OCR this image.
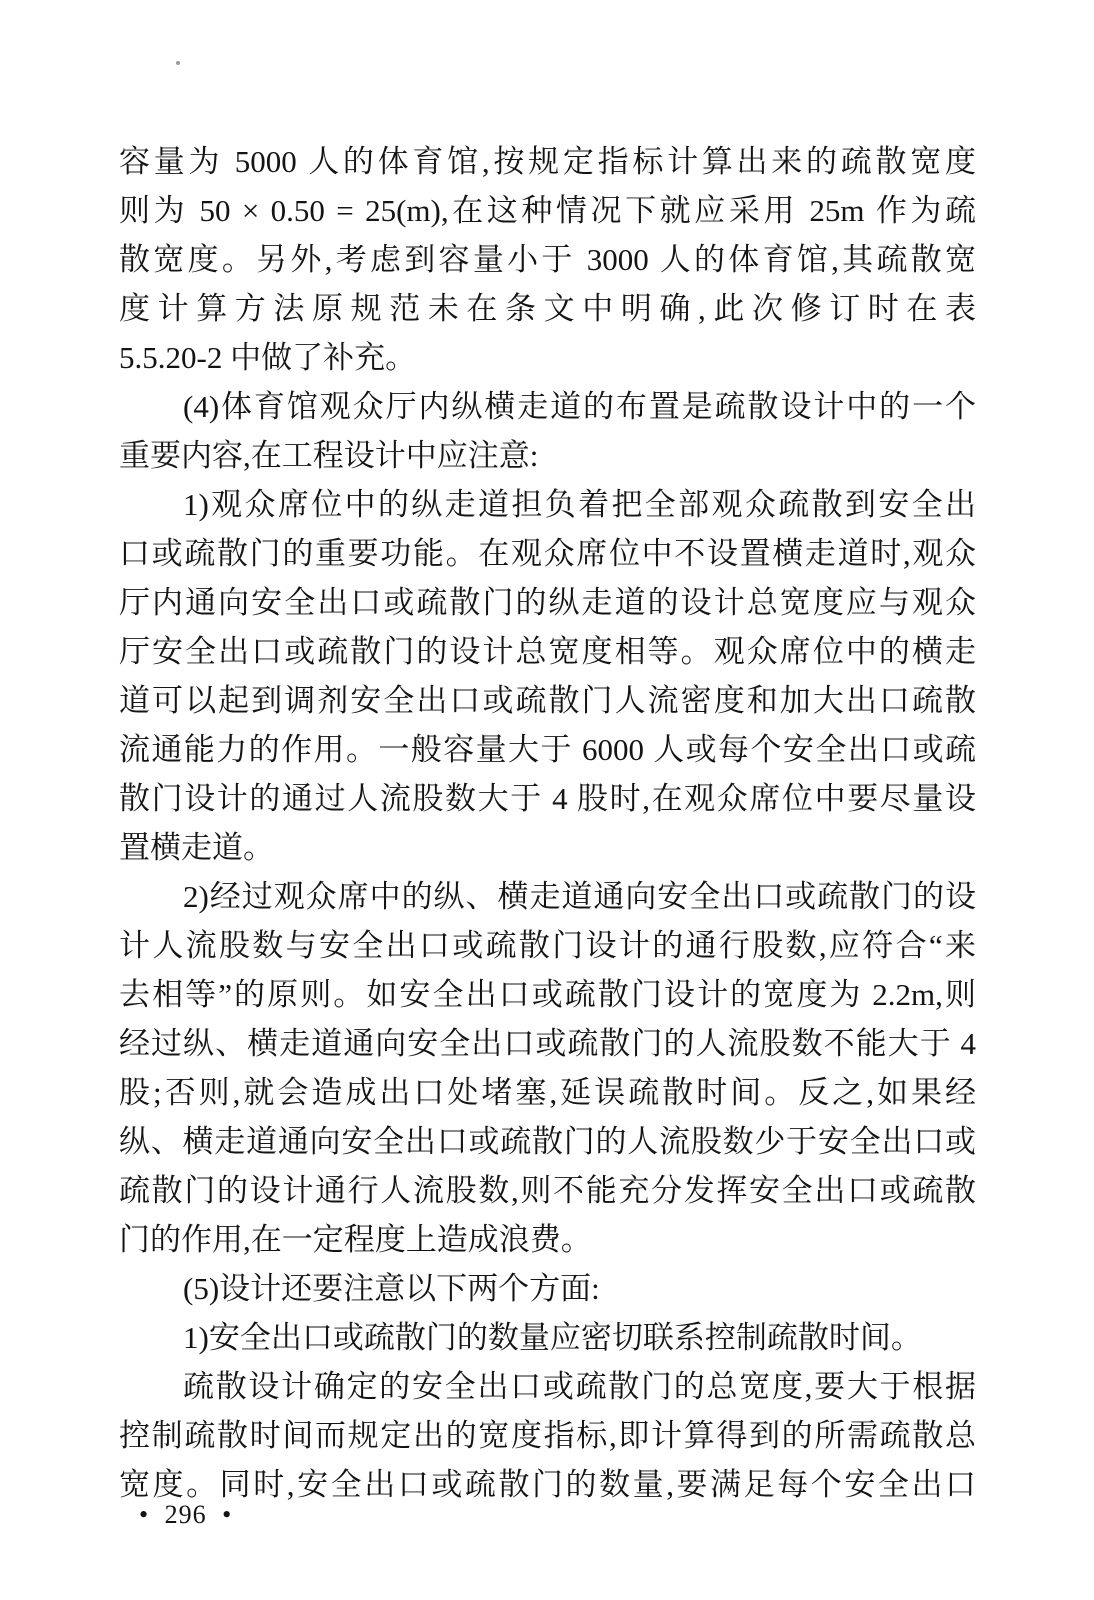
容量为 5000 人的体育馆,按规定指标计算出来的疏散宽度
则为 50 × 0.50 = 25(m),在这种情况下就应采用 25m 作为疏
散宽度。另外,考虑到容量小于 3000 人的体育馆,其疏散宽
度计算方法原规范未在条文中明确,此次修订时在表
5.5.20-2 中做了补充。
(4)体育馆观众厅内纵横走道的布置是疏散设计中的一个
重要内容,在工程设计中应注意:
1)观众席位中的纵走道担负着把全部观众疏散到安全出
口或疏散门的重要功能。在观众席位中不设置横走道时,观众
厅内通向安全出口或疏散门的纵走道的设计总宽度应与观众
厅安全出口或疏散门的设计总宽度相等。观众席位中的横走
道可以起到调剂安全出口或疏散门人流密度和加大出口疏散
流通能力的作用。一般容量大于 6000 人或每个安全出口或疏
散门设计的通过人流股数大于 4 股时,在观众席位中要尽量设
置横走道。
2)经过观众席中的纵、横走道通向安全出口或疏散门的设
计人流股数与安全出口或疏散门设计的通行股数,应符合“来
去相等”的原则。如安全出口或疏散门设计的宽度为 2.2m,则
经过纵、横走道通向安全出口或疏散门的人流股数不能大于 4
股;否则,就会造成出口处堵塞,延误疏散时间。反之,如果经
纵、横走道通向安全出口或疏散门的人流股数少于安全出口或
疏散门的设计通行人流股数,则不能充分发挥安全出口或疏散
门的作用,在一定程度上造成浪费。
(5)设计还要注意以下两个方面:
1)安全出口或疏散门的数量应密切联系控制疏散时间。
疏散设计确定的安全出口或疏散门的总宽度,要大于根据
控制疏散时间而规定出的宽度指标,即计算得到的所需疏散总
宽度。同时,安全出口或疏散门的数量,要满足每个安全出口
• 296 •
